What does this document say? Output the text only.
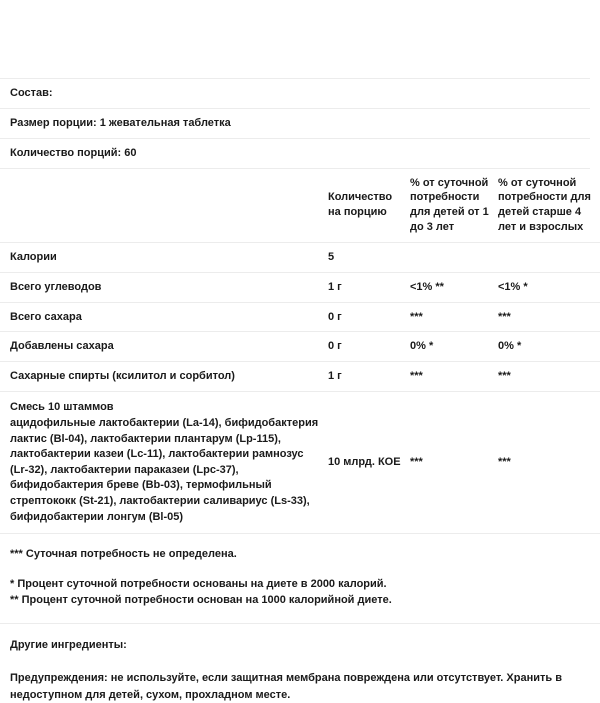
Состав:
Размер порции: 1 жевательная таблетка
Количество порций: 60
	Количество на порцию	% от суточной потребности для детей от 1 до 3 лет	% от суточной потребности для детей старше 4 лет и взрослых
Калории	5		
Всего углеводов	1 г	<1% **	<1% *
Всего сахара	0 г	***	***
Добавлены сахара	0 г	0% *	0% *
Сахарные спирты (ксилитол и сорбитол)	1 г	***	***

Смесь 10 штаммов
ацидофильные лактобактерии (La-14), бифидобактерия лактис (Bl-04), лактобактерии плантарум (Lp-115), лактобактерии казеи (Lc-11), лактобактерии рамнозус (Lr-32), лактобактерии параказеи (Lpc-37), бифидобактерия бреве (Bb-03), термофильный стрептококк (St-21), лактобактерии саливариус (Ls-33), бифидобактерии лонгум (Bl-05)	10 млрд. КОЕ	***	***
*** Суточная потребность не определена.
* Процент суточной потребности основаны на диете в 2000 калорий.
** Процент суточной потребности основан на 1000 калорийной диете.

Другие ингредиенты:

Предупреждения: не используйте, если защитная мембрана повреждена или отсутствует. Хранить в недоступном для детей, сухом, прохладном месте.
